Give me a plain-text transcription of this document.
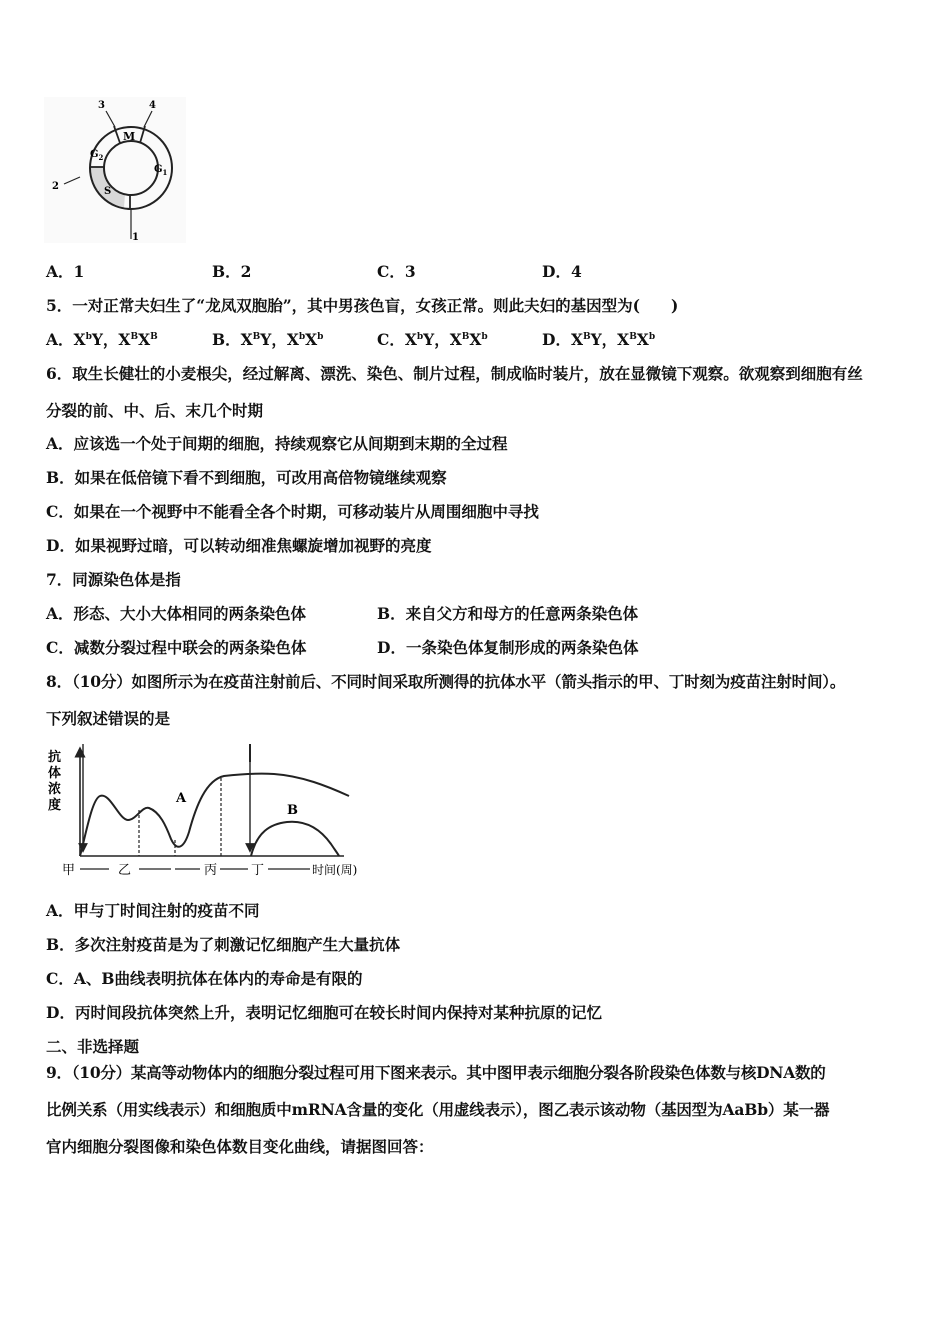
1
2
3	4
M
$G_2$
$G_1$
S
A．1	B．2	C．3	D．4
5．一对正常夫妇生了“龙凤双胞胎”，其中男孩色盲，女孩正常。则此夫妇的基因型为(　　)
A．$X^bY$，$X^BX^B$	B．$X^BY$，$X^bX^b$	C．$X^bY$，$X^BX^b$	D．$X^BY$，$X^BX^b$
6．取生长健壮的小麦根尖，经过解离、漂洗、染色、制片过程，制成临时装片，放在显微镜下观察。欲观察到细胞有丝
分裂的前、中、后、末几个时期
A．应该选一个处于间期的细胞，持续观察它从间期到末期的全过程
B．如果在低倍镜下看不到细胞，可改用高倍物镜继续观察
C．如果在一个视野中不能看全各个时期，可移动装片从周围细胞中寻找
D．如果视野过暗，可以转动细准焦螺旋增加视野的亮度
7．同源染色体是指
A．形态、大小大体相同的两条染色体	B．来自父方和母方的任意两条染色体
C．减数分裂过程中联会的两条染色体	D．一条染色体复制形成的两条染色体
8．（10分）如图所示为在疫苗注射前后、不同时间采取所测得的抗体水平（箭头指示的甲、丁时刻为疫苗注射时间）。
下列叙述错误的是
抗
体
浓
度	A
B
甲	乙	丙	丁	时间(周)
A．甲与丁时间注射的疫苗不同
B．多次注射疫苗是为了刺激记忆细胞产生大量抗体
C．A、B曲线表明抗体在体内的寿命是有限的
D．丙时间段抗体突然上升，表明记忆细胞可在较长时间内保持对某种抗原的记忆
二、非选择题
9．（10分）某高等动物体内的细胞分裂过程可用下图来表示。其中图甲表示细胞分裂各阶段染色体数与核DNA数的
比例关系（用实线表示）和细胞质中mRNA含量的变化（用虚线表示），图乙表示该动物（基因型为AaBb）某一器
官内细胞分裂图像和染色体数目变化曲线，请据图回答：
